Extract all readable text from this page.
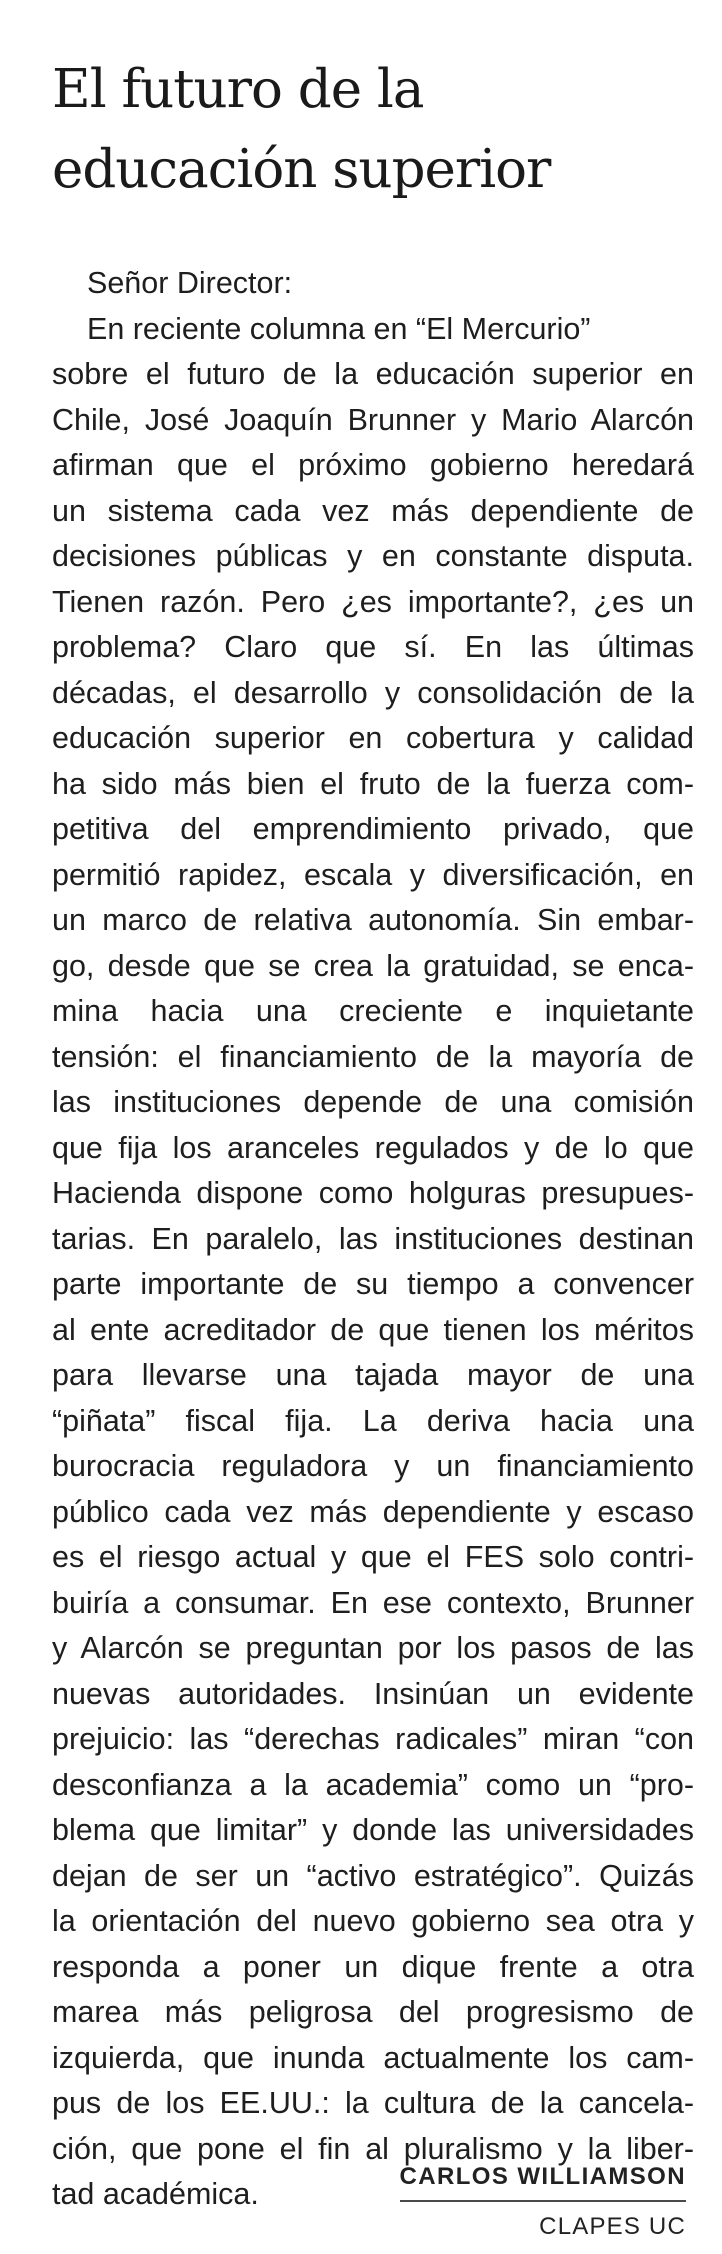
El futuro de la
educación superior
Señor Director:
En reciente columna en “El Mercurio”
sobre el futuro de la educación superior en
Chile, José Joaquín Brunner y Mario Alarcón
afirman que el próximo gobierno heredará
un sistema cada vez más dependiente de
decisiones públicas y en constante disputa.
Tienen razón. Pero ¿es importante?, ¿es un
problema? Claro que sí. En las últimas
décadas, el desarrollo y consolidación de la
educación superior en cobertura y calidad
ha sido más bien el fruto de la fuerza com-
petitiva del emprendimiento privado, que
permitió rapidez, escala y diversificación, en
un marco de relativa autonomía. Sin embar-
go, desde que se crea la gratuidad, se enca-
mina hacia una creciente e inquietante
tensión: el financiamiento de la mayoría de
las instituciones depende de una comisión
que fija los aranceles regulados y de lo que
Hacienda dispone como holguras presupues-
tarias. En paralelo, las instituciones destinan
parte importante de su tiempo a convencer
al ente acreditador de que tienen los méritos
para llevarse una tajada mayor de una
“piñata” fiscal fija. La deriva hacia una
burocracia reguladora y un financiamiento
público cada vez más dependiente y escaso
es el riesgo actual y que el FES solo contri-
buiría a consumar. En ese contexto, Brunner
y Alarcón se preguntan por los pasos de las
nuevas autoridades. Insinúan un evidente
prejuicio: las “derechas radicales” miran “con
desconfianza a la academia” como un “pro-
blema que limitar” y donde las universidades
dejan de ser un “activo estratégico”. Quizás
la orientación del nuevo gobierno sea otra y
responda a poner un dique frente a otra
marea más peligrosa del progresismo de
izquierda, que inunda actualmente los cam-
pus de los EE.UU.: la cultura de la cancela-
ción, que pone el fin al pluralismo y la liber-
tad académica.
CARLOS WILLIAMSON
CLAPES UC
